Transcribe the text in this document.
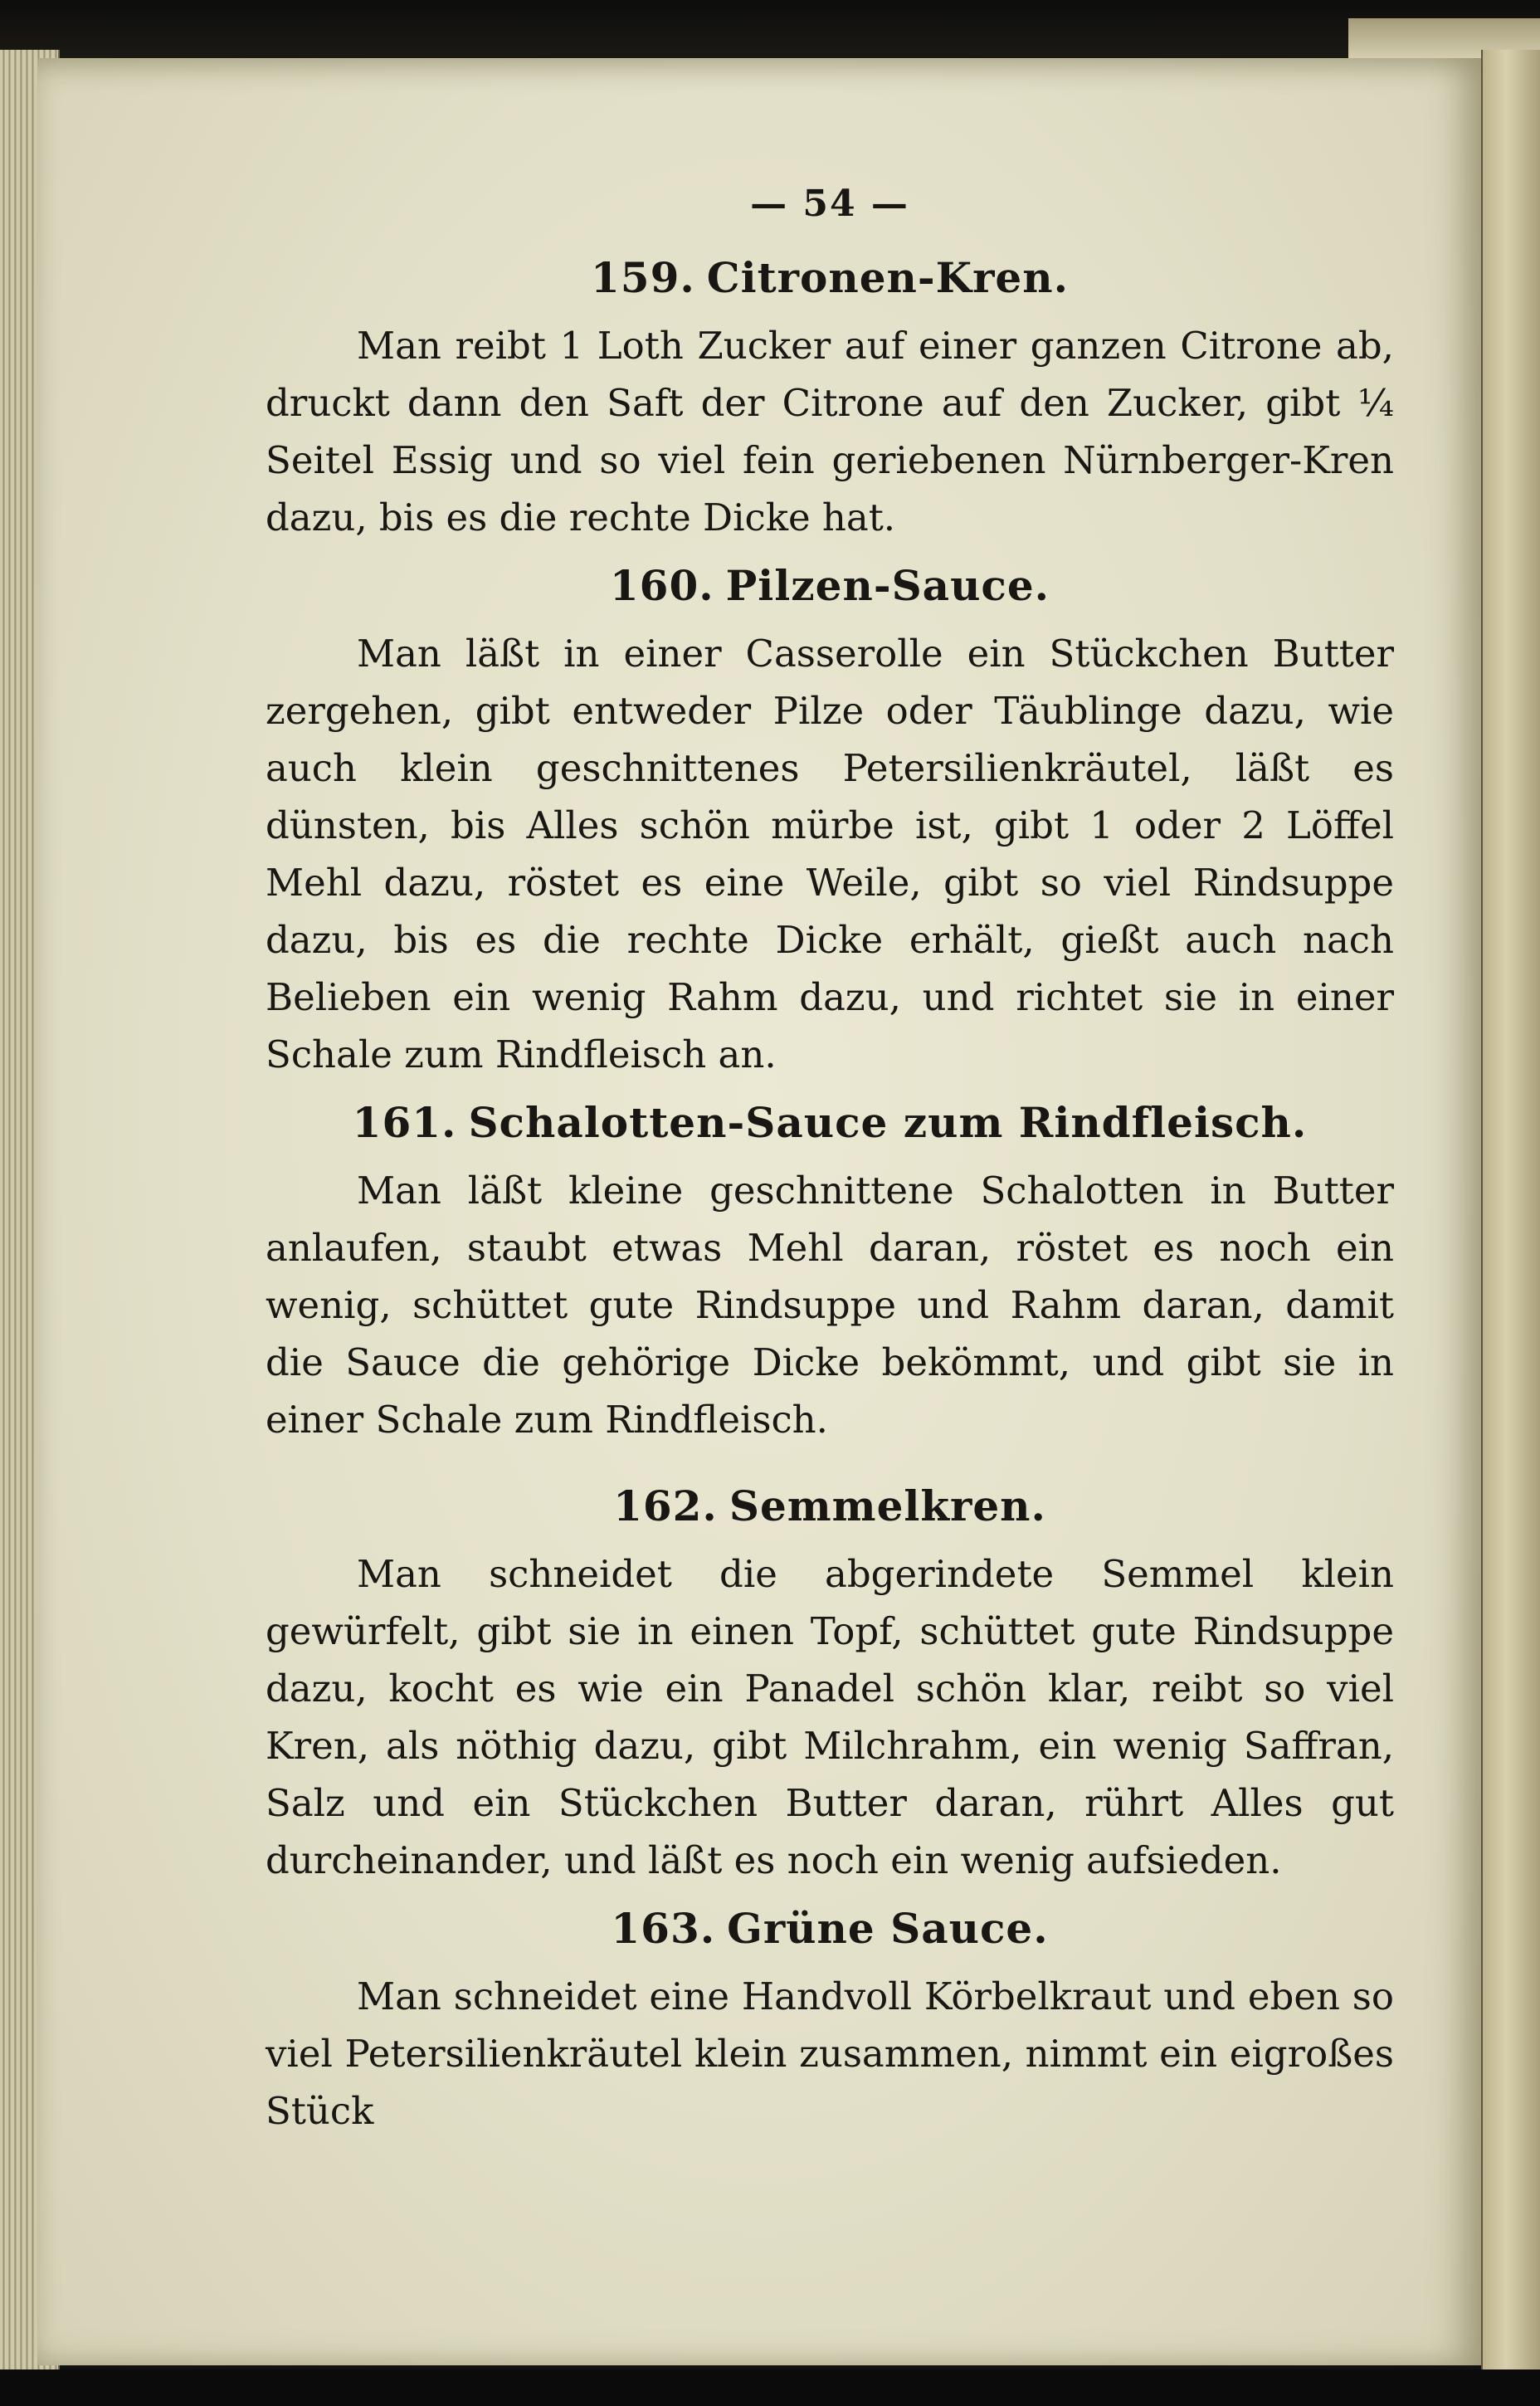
— 54 —
159. Citronen-Kren.

Man reibt 1 Loth Zucker auf einer ganzen Citrone ab, druckt dann den Saft der Citrone auf den Zucker, gibt ¼ Seitel Essig und so viel fein geriebenen Nürnberger-Kren dazu, bis es die rechte Dicke hat.

160. Pilzen-Sauce.

Man läßt in einer Casserolle ein Stückchen Butter zergehen, gibt entweder Pilze oder Täublinge dazu, wie auch klein geschnittenes Petersilienkräutel, läßt es dünsten, bis Alles schön mürbe ist, gibt 1 oder 2 Löffel Mehl dazu, röstet es eine Weile, gibt so viel Rindsuppe dazu, bis es die rechte Dicke erhält, gießt auch nach Belieben ein wenig Rahm dazu, und richtet sie in einer Schale zum Rindfleisch an.

161. Schalotten-Sauce zum Rindfleisch.

Man läßt kleine geschnittene Schalotten in Butter anlaufen, staubt etwas Mehl daran, röstet es noch ein wenig, schüttet gute Rindsuppe und Rahm daran, damit die Sauce die gehörige Dicke bekömmt, und gibt sie in einer Schale zum Rindfleisch.

162. Semmelkren.

Man schneidet die abgerindete Semmel klein gewürfelt, gibt sie in einen Topf, schüttet gute Rindsuppe dazu, kocht es wie ein Panadel schön klar, reibt so viel Kren, als nöthig dazu, gibt Milchrahm, ein wenig Saffran, Salz und ein Stückchen Butter daran, rührt Alles gut durcheinander, und läßt es noch ein wenig aufsieden.

163. Grüne Sauce.

Man schneidet eine Handvoll Körbelkraut und eben so viel Petersilienkräutel klein zusammen, nimmt ein eigroßes Stück
